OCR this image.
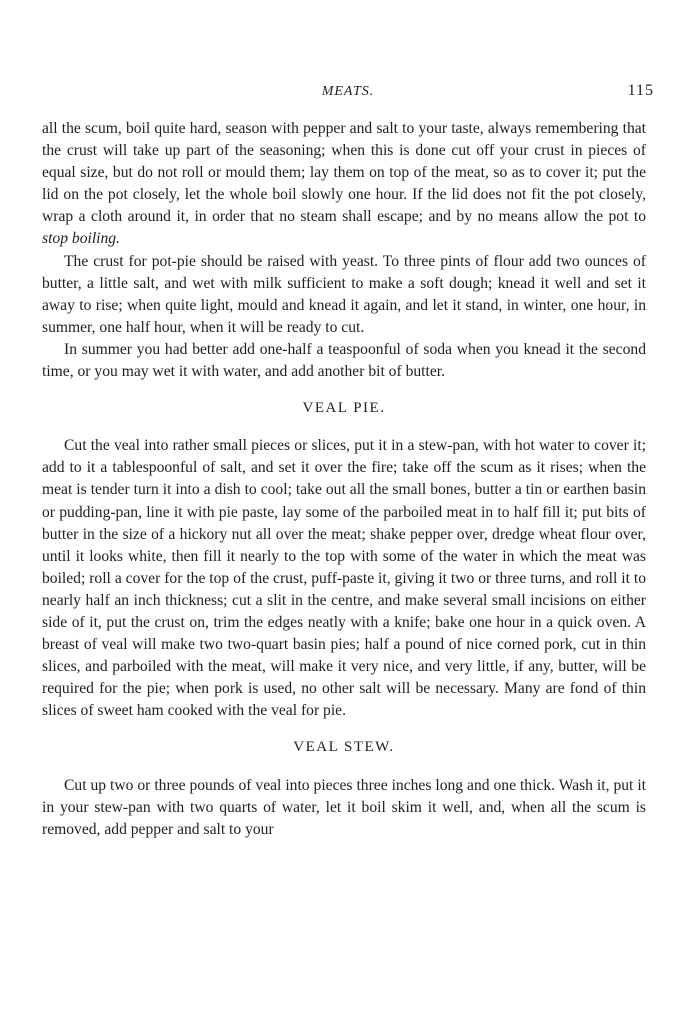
MEATS.	115

all the scum, boil quite hard, season with pepper and salt to your taste, always remembering that the crust will take up part of the seasoning; when this is done cut off your crust in pieces of equal size, but do not roll or mould them; lay them on top of the meat, so as to cover it; put the lid on the pot closely, let the whole boil slowly one hour. If the lid does not fit the pot closely, wrap a cloth around it, in order that no steam shall escape; and by no means allow the pot to stop boiling.

The crust for pot-pie should be raised with yeast. To three pints of flour add two ounces of butter, a little salt, and wet with milk sufficient to make a soft dough; knead it well and set it away to rise; when quite light, mould and knead it again, and let it stand, in winter, one hour, in summer, one half hour, when it will be ready to cut.

In summer you had better add one-half a teaspoonful of soda when you knead it the second time, or you may wet it with water, and add another bit of butter.

VEAL PIE.

Cut the veal into rather small pieces or slices, put it in a stew-pan, with hot water to cover it; add to it a tablespoonful of salt, and set it over the fire; take off the scum as it rises; when the meat is tender turn it into a dish to cool; take out all the small bones, butter a tin or earthen basin or pudding-pan, line it with pie paste, lay some of the parboiled meat in to half fill it; put bits of butter in the size of a hickory nut all over the meat; shake pepper over, dredge wheat flour over, until it looks white, then fill it nearly to the top with some of the water in which the meat was boiled; roll a cover for the top of the crust, puff-paste it, giving it two or three turns, and roll it to nearly half an inch thickness; cut a slit in the centre, and make several small incisions on either side of it, put the crust on, trim the edges neatly with a knife; bake one hour in a quick oven. A breast of veal will make two two-quart basin pies; half a pound of nice corned pork, cut in thin slices, and parboiled with the meat, will make it very nice, and very little, if any, butter, will be required for the pie; when pork is used, no other salt will be necessary. Many are fond of thin slices of sweet ham cooked with the veal for pie.

VEAL STEW.

Cut up two or three pounds of veal into pieces three inches long and one thick. Wash it, put it in your stew-pan with two quarts of water, let it boil skim it well, and, when all the scum is removed, add pepper and salt to your
